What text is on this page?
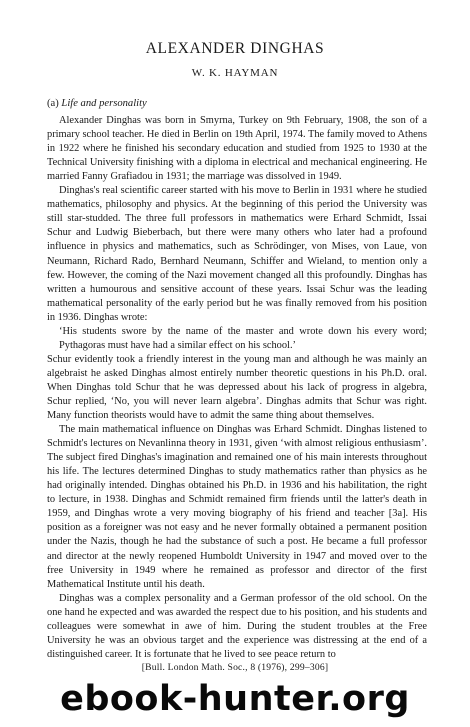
ALEXANDER DINGHAS
W. K. HAYMAN
(a) Life and personality

Alexander Dinghas was born in Smyrna, Turkey on 9th February, 1908, the son of a primary school teacher. He died in Berlin on 19th April, 1974. The family moved to Athens in 1922 where he finished his secondary education and studied from 1925 to 1930 at the Technical University finishing with a diploma in electrical and mechanical engineering. He married Fanny Grafiadou in 1931; the marriage was dissolved in 1949.

Dinghas's real scientific career started with his move to Berlin in 1931 where he studied mathematics, philosophy and physics. At the beginning of this period the University was still star-studded. The three full professors in mathematics were Erhard Schmidt, Issai Schur and Ludwig Bieberbach, but there were many others who later had a profound influence in physics and mathematics, such as Schrödinger, von Mises, von Laue, von Neumann, Richard Rado, Bernhard Neumann, Schiffer and Wieland, to mention only a few. However, the coming of the Nazi movement changed all this profoundly. Dinghas has written a humourous and sensitive account of these years. Issai Schur was the leading mathematical personality of the early period but he was finally removed from his position in 1936. Dinghas wrote:

‘His students swore by the name of the master and wrote down his every word; Pythagoras must have had a similar effect on his school.’

Schur evidently took a friendly interest in the young man and although he was mainly an algebraist he asked Dinghas almost entirely number theoretic questions in his Ph.D. oral. When Dinghas told Schur that he was depressed about his lack of progress in algebra, Schur replied, ‘No, you will never learn algebra’. Dinghas admits that Schur was right. Many function theorists would have to admit the same thing about themselves.

The main mathematical influence on Dinghas was Erhard Schmidt. Dinghas listened to Schmidt's lectures on Nevanlinna theory in 1931, given ‘with almost religious enthusiasm’. The subject fired Dinghas's imagination and remained one of his main interests throughout his life. The lectures determined Dinghas to study mathematics rather than physics as he had originally intended. Dinghas obtained his Ph.D. in 1936 and his habilitation, the right to lecture, in 1938. Dinghas and Schmidt remained firm friends until the latter's death in 1959, and Dinghas wrote a very moving biography of his friend and teacher [3a]. His position as a foreigner was not easy and he never formally obtained a permanent position under the Nazis, though he had the substance of such a post. He became a full professor and director at the newly reopened Humboldt University in 1947 and moved over to the free University in 1949 where he remained as professor and director of the first Mathematical Institute until his death.

Dinghas was a complex personality and a German professor of the old school. On the one hand he expected and was awarded the respect due to his position, and his students and colleagues were somewhat in awe of him. During the student troubles at the Free University he was an obvious target and the experience was distressing at the end of a distinguished career. It is fortunate that he lived to see peace return to

[Bull. London Math. Soc., 8 (1976), 299–306]
ebook-hunter.org
